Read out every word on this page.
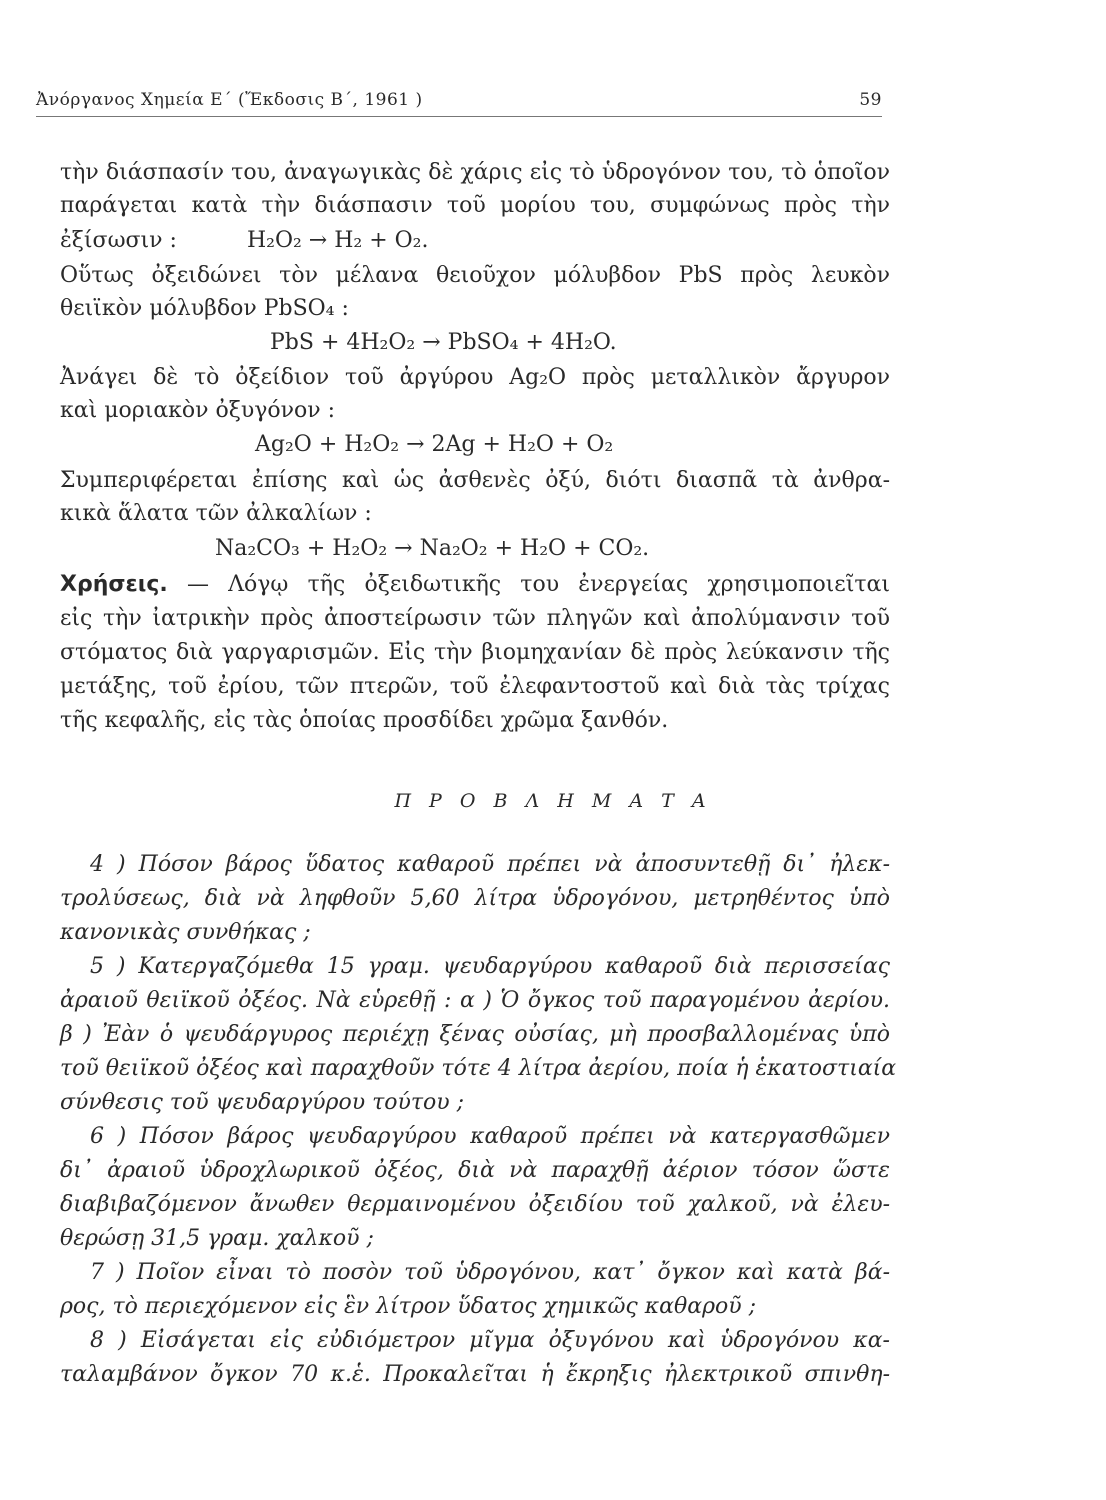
Ἀνόργανος Χημεία Ε΄ (Ἔκδοσις Β΄, 1961 )	59
τὴν διάσπασίν του, ἀναγωγικὰς δὲ χάρις εἰς τὸ ὑδρογόνον του, τὸ ὁποῖον
παράγεται κατὰ τὴν διάσπασιν τοῦ μορίου του, συμφώνως πρὸς τὴν
ἐξίσωσιν :	H₂O₂ → H₂ + O₂.
Οὕτως ὀξειδώνει τὸν μέλανα θειοῦχον μόλυβδον PbS πρὸς λευκὸν
θειϊκὸν μόλυβδον PbSO₄ :
PbS + 4H₂O₂ → PbSO₄ + 4H₂O.
Ἀνάγει δὲ τὸ ὀξείδιον τοῦ ἀργύρου Ag₂O πρὸς μεταλλικὸν ἄργυρον
καὶ μοριακὸν ὀξυγόνον :
Ag₂O + H₂O₂ → 2Ag + H₂O + O₂
Συμπεριφέρεται ἐπίσης καὶ ὡς ἀσθενὲς ὀξύ, διότι διασπᾶ τὰ ἀνθρα-
κικὰ ἅλατα τῶν ἀλκαλίων :
Na₂CO₃ + H₂O₂ → Na₂O₂ + H₂O + CO₂.
Χρήσεις. — Λόγῳ τῆς ὀξειδωτικῆς του ἐνεργείας χρησιμοποιεῖται
εἰς τὴν ἰατρικὴν πρὸς ἀποστείρωσιν τῶν πληγῶν καὶ ἀπολύμανσιν τοῦ
στόματος διὰ γαργαρισμῶν. Εἰς τὴν βιομηχανίαν δὲ πρὸς λεύκανσιν τῆς
μετάξης, τοῦ ἐρίου, τῶν πτερῶν, τοῦ ἐλεφαντοστοῦ καὶ διὰ τὰς τρίχας
τῆς κεφαλῆς, εἰς τὰς ὁποίας προσδίδει χρῶμα ξανθόν.
Π Ρ Ο Β Λ Η Μ Α Τ Α
4 ) Πόσον βάρος ὕδατος καθαροῦ πρέπει νὰ ἀποσυντεθῇ δι᾿ ἠλεκ-
τρολύσεως, διὰ νὰ ληφθοῦν 5,60 λίτρα ὑδρογόνου, μετρηθέντος ὑπὸ
κανονικὰς συνθήκας ;
5 ) Κατεργαζόμεθα 15 γραμ. ψευδαργύρου καθαροῦ διὰ περισσείας
ἀραιοῦ θειϊκοῦ ὀξέος. Νὰ εὑρεθῇ : α ) Ὁ ὄγκος τοῦ παραγομένου ἀερίου.
β ) Ἐὰν ὁ ψευδάργυρος περιέχῃ ξένας οὐσίας, μὴ προσβαλλομένας ὑπὸ
τοῦ θειϊκοῦ ὀξέος καὶ παραχθοῦν τότε 4 λίτρα ἀερίου, ποία ἡ ἑκατοστιαία
σύνθεσις τοῦ ψευδαργύρου τούτου ;
6 ) Πόσον βάρος ψευδαργύρου καθαροῦ πρέπει νὰ κατεργασθῶμεν
δι᾿ ἀραιοῦ ὑδροχλωρικοῦ ὀξέος, διὰ νὰ παραχθῇ ἀέριον τόσον ὥστε
διαβιβαζόμενον ἄνωθεν θερμαινομένου ὀξειδίου τοῦ χαλκοῦ, νὰ ἐλευ-
θερώσῃ 31,5 γραμ. χαλκοῦ ;
7 ) Ποῖον εἶναι τὸ ποσὸν τοῦ ὑδρογόνου, κατ᾿ ὄγκον καὶ κατὰ βά-
ρος, τὸ περιεχόμενον εἰς ἓν λίτρον ὕδατος χημικῶς καθαροῦ ;
8 ) Εἰσάγεται εἰς εὐδιόμετρον μῖγμα ὀξυγόνου καὶ ὑδρογόνου κα-
ταλαμβάνον ὄγκον 70 κ.ἑ. Προκαλεῖται ἡ ἔκρηξις ἠλεκτρικοῦ σπινθη-
